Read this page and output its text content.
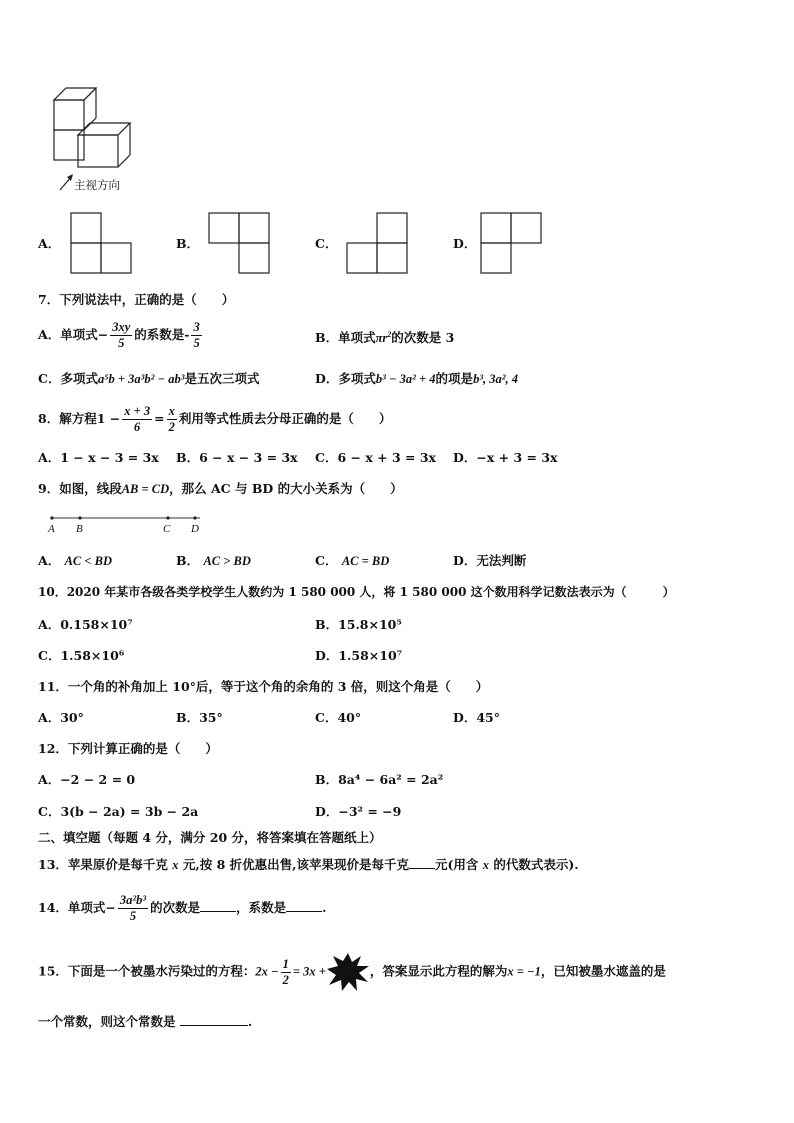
主视方向
A．	B．	C．	D．
7．下列说法中，正确的是（　　）
A．单项式− $\frac{3xy}{5}$ 的系数是- $\frac{3}{5}$	B．单项式$\pi r^2$的次数是 3
C．多项式a⁵b + 3a³b² − ab³是五次三项式	D．多项式b³ − 3a² + 4的项是b³, 3a², 4
8．解方程$1 - \frac{x + 3}{6} = \frac{x}{2}$ 利用等式性质去分母正确的是（　　）
A．1 − x − 3 = 3x B．6 − x − 3 = 3x C．6 − x + 3 = 3x D．−x + 3 = 3x
9．如图，线段AB = CD，那么 AC 与 BD 的大小关系为（　　）
A B	C D
A． AC < BD	B． AC > BD	C． AC = BD	D．无法判断
10．2020 年某市各级各类学校学生人数约为 1 580 000 人，将 1 580 000 这个数用科学记数法表示为（　　　）
A．0.158×10⁷	B．15.8×10⁵
C．1.58×10⁶	D．1.58×10⁷
11．一个角的补角加上 10°后，等于这个角的余角的 3 倍，则这个角是（　　）
A．30°	B．35°	C．40°	D．45°
12．下列计算正确的是（　　）
A．−2 − 2 = 0	B．8a⁴ − 6a² = 2a²
C．3(b − 2a) = 3b − 2a	D．−3² = −9
二、填空题（每题 4 分，满分 20 分，将答案填在答题纸上）
13．苹果原价是每千克 x 元,按 8 折优惠出售,该苹果现价是每千克 元(用含 x 的代数式表示).
14．单项式− $\frac{\text{3a²b³}}{5}$ 的次数是	，系数是	.
15．下面是一个被墨水污染过的方程：$2x - \frac{1}{2} = 3x$ +	，答案显示此方程的解为x = −1，已知被墨水遮盖的是
一个常数，则这个常数是	.
